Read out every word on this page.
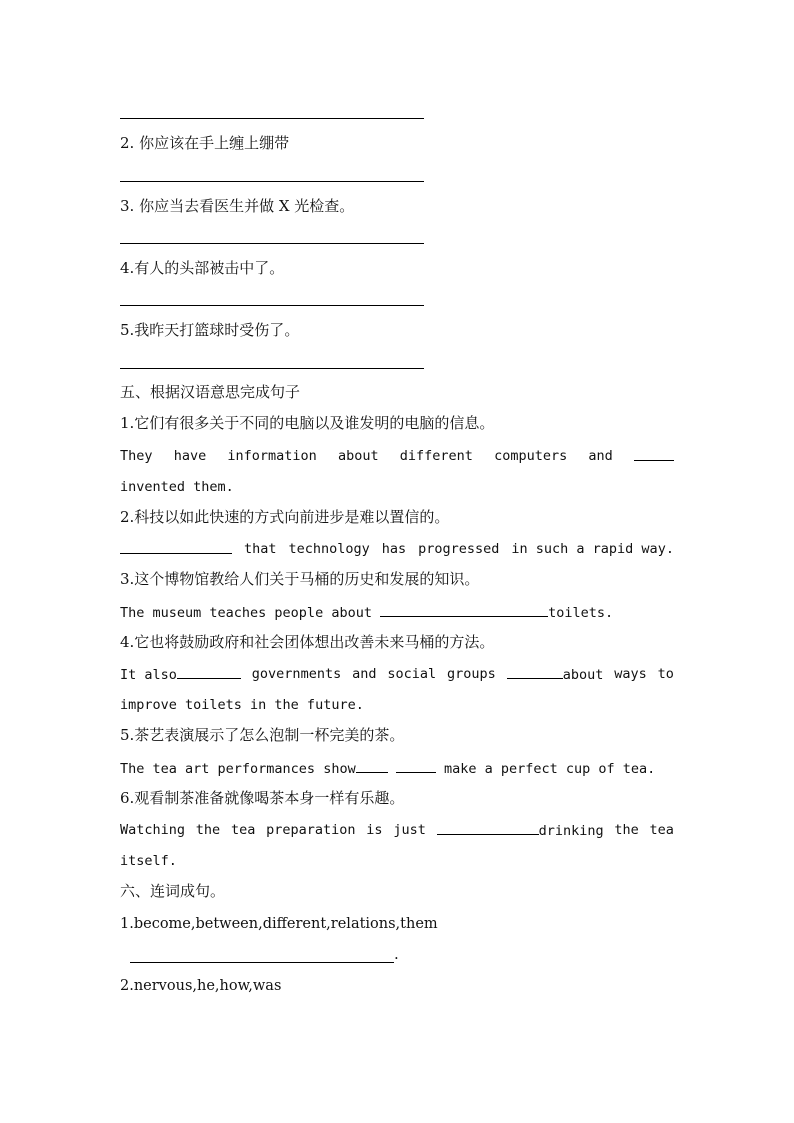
2. 你应该在手上缠上绷带
3. 你应当去看医生并做 X 光检查。
4.有人的头部被击中了。
5.我昨天打篮球时受伤了。
五、根据汉语意思完成句子
1.它们有很多关于不同的电脑以及谁发明的电脑的信息。
They have information about different computers and
invented them.
2.科技以如此快速的方式向前进步是难以置信的。
that technology has progressed in such a rapid way.
3.这个博物馆教给人们关于马桶的历史和发展的知识。
The museum teaches people about	toilets.
4.它也将鼓励政府和社会团体想出改善未来马桶的方法。
It also	governments and social groups	about ways to
improve toilets in the future.
5.茶艺表演展示了怎么泡制一杯完美的茶。
The tea art performances show	make a perfect cup of tea.
6.观看制茶准备就像喝茶本身一样有乐趣。
Watching the tea preparation is just	drinking the tea
itself.
六、连词成句。
1.become,between,different,relations,them
.
2.nervous,he,how,was
